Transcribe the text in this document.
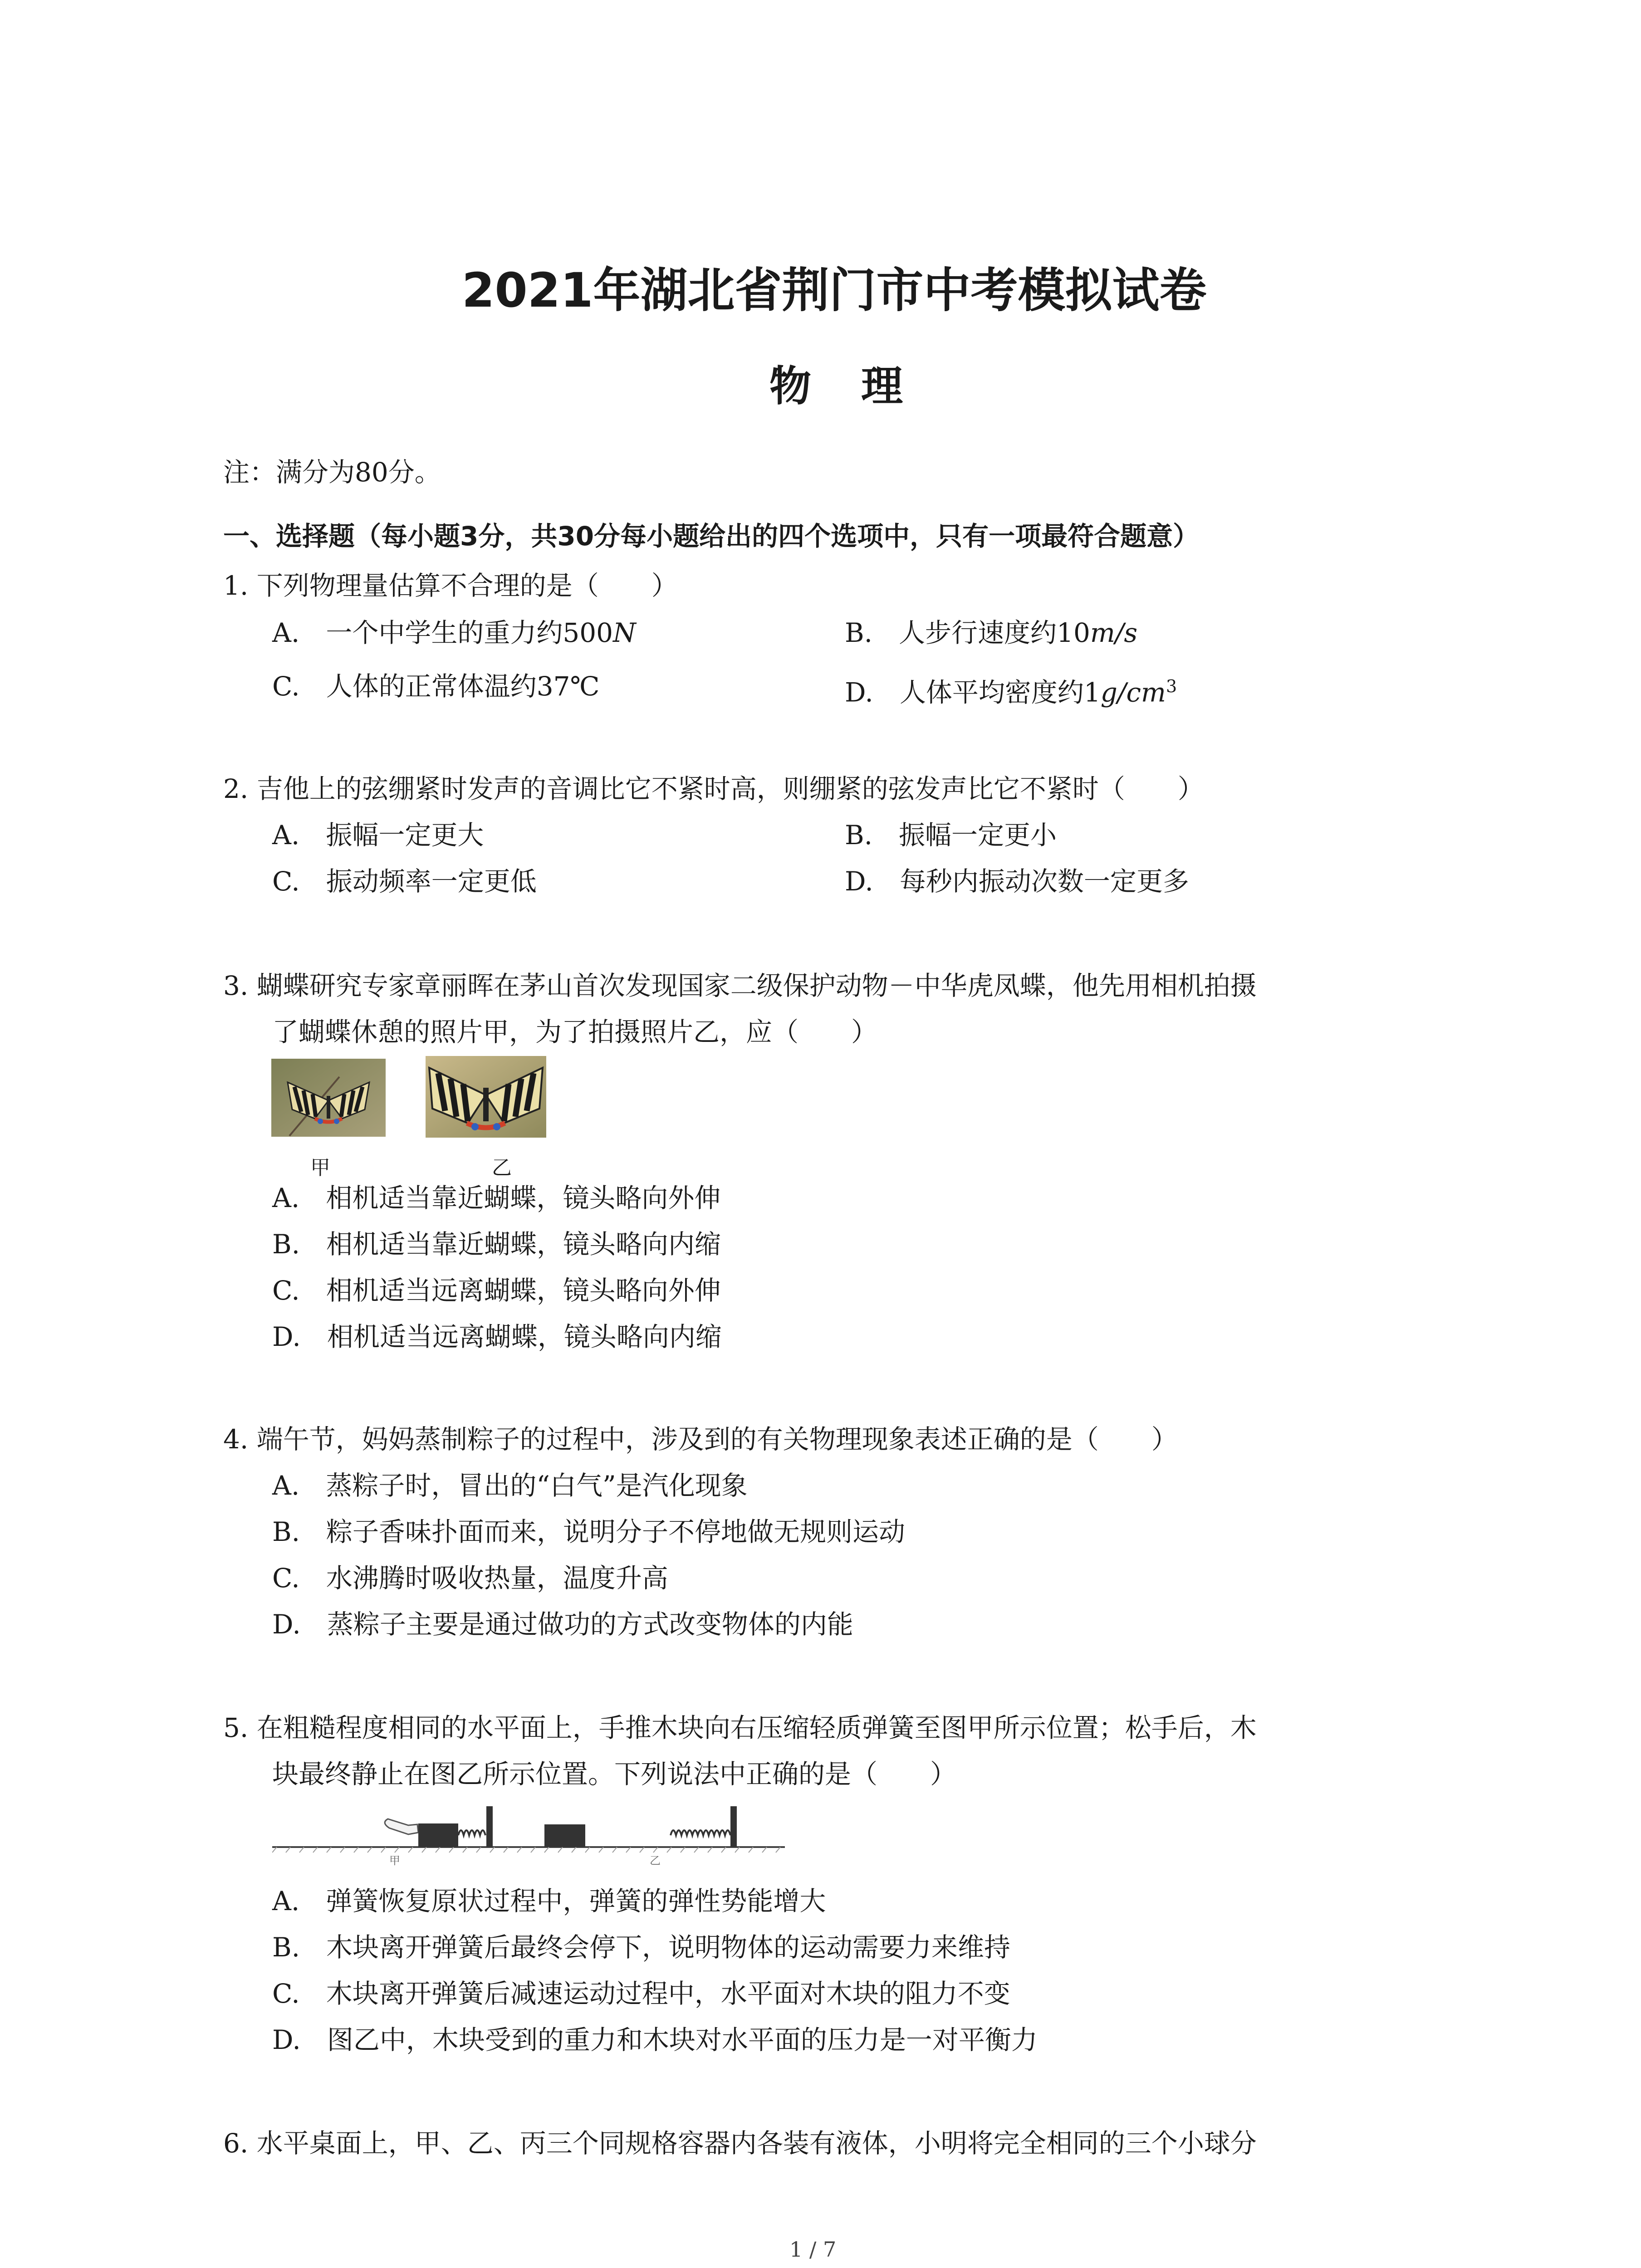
2021年湖北省荆门市中考模拟试卷
物理
注：满分为80分。
一、选择题（每小题3分，共30分每小题给出的四个选项中，只有一项最符合题意）
1. 下列物理量估算不合理的是（　　）
A.　一个中学生的重力约500N	B.　人步行速度约10m/s
C.　人体的正常体温约37℃	D.　人体平均密度约$1g/cm^3$
2. 吉他上的弦绷紧时发声的音调比它不紧时高，则绷紧的弦发声比它不紧时（　　）
A.　振幅一定更大	B.　振幅一定更小
C.　振动频率一定更低	D.　每秒内振动次数一定更多
3. 蝴蝶研究专家章丽晖在茅山首次发现国家二级保护动物－中华虎凤蝶，他先用相机拍摄
了蝴蝶休憩的照片甲，为了拍摄照片乙，应（　　）
甲	乙
A.　相机适当靠近蝴蝶，镜头略向外伸
B.　相机适当靠近蝴蝶，镜头略向内缩
C.　相机适当远离蝴蝶，镜头略向外伸
D.　相机适当远离蝴蝶，镜头略向内缩
4. 端午节，妈妈蒸制粽子的过程中，涉及到的有关物理现象表述正确的是（　　）
A.　蒸粽子时，冒出的“白气”是汽化现象
B.　粽子香味扑面而来，说明分子不停地做无规则运动
C.　水沸腾时吸收热量，温度升高
D.　蒸粽子主要是通过做功的方式改变物体的内能
5. 在粗糙程度相同的水平面上，手推木块向右压缩轻质弹簧至图甲所示位置；松手后，木
块最终静止在图乙所示位置。下列说法中正确的是（　　）
甲	乙
A.　弹簧恢复原状过程中，弹簧的弹性势能增大
B.　木块离开弹簧后最终会停下，说明物体的运动需要力来维持
C.　木块离开弹簧后减速运动过程中，水平面对木块的阻力不变
D.　图乙中，木块受到的重力和木块对水平面的压力是一对平衡力
6. 水平桌面上，甲、乙、丙三个同规格容器内各装有液体，小明将完全相同的三个小球分
1 / 7
